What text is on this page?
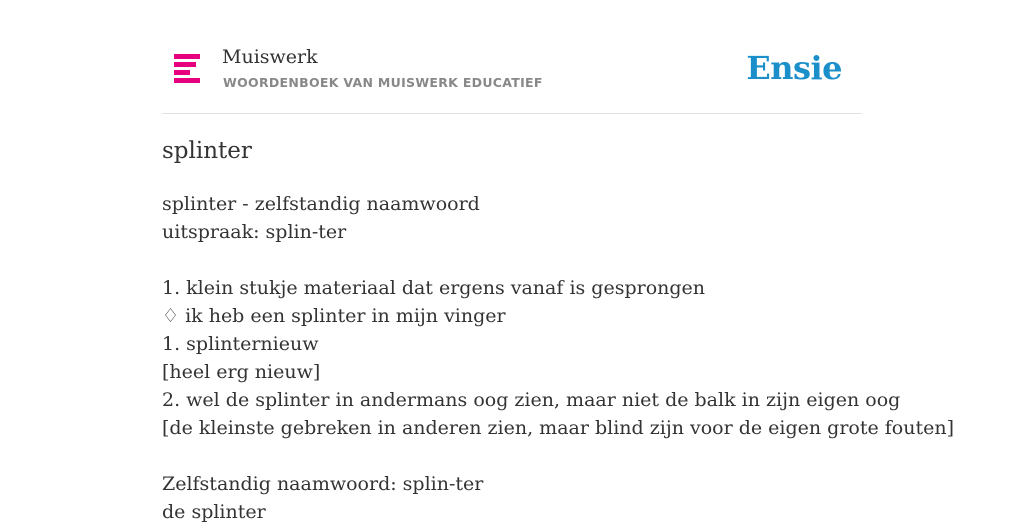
Muiswerk
WOORDENBOEK VAN MUISWERK EDUCATIEF	Ensie
splinter
splinter - zelfstandig naamwoord
uitspraak: splin-ter
1. klein stukje materiaal dat ergens vanaf is gesprongen
♢ ik heb een splinter in mijn vinger
1. splinternieuw
[heel erg nieuw]
2. wel de splinter in andermans oog zien, maar niet de balk in zijn eigen oog
[de kleinste gebreken in anderen zien, maar blind zijn voor de eigen grote fouten]
Zelfstandig naamwoord: splin-ter
de splinter
